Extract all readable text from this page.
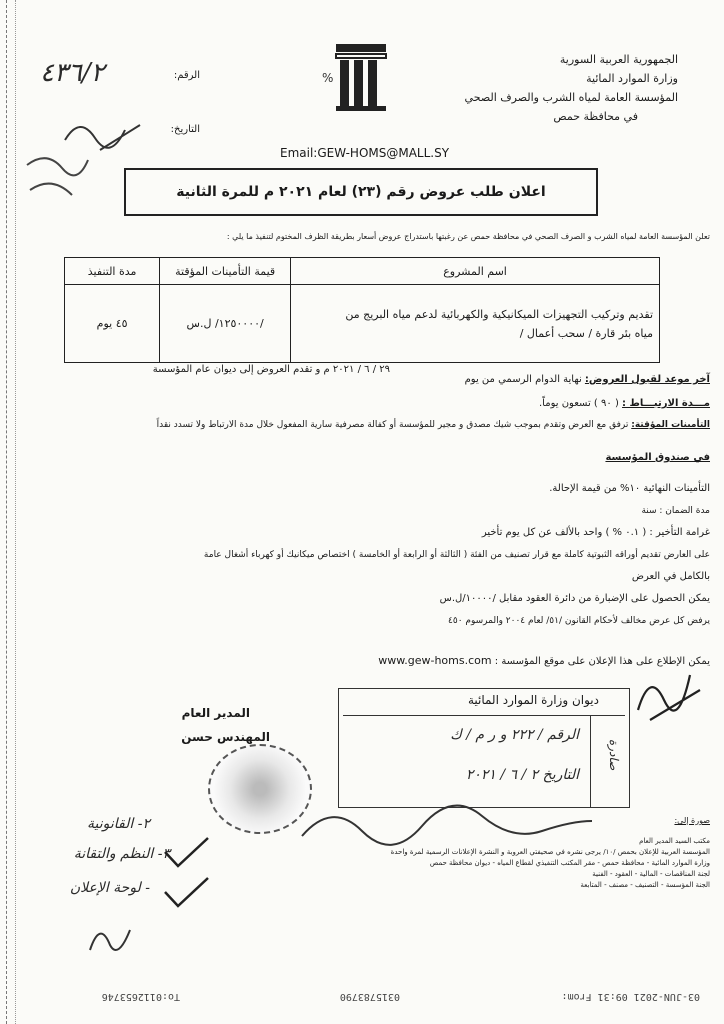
الجمهورية العربية السورية
وزارة الموارد المائية
المؤسسة العامة لمياه الشرب والصرف الصحي
في محافظة حمص
%
الرقم:
التاريخ:
٤٣٦/٢
Email:GEW-HOMS@MALL.SY
اعلان طلب عروض رقم (٢٣) لعام ٢٠٢١ م للمرة الثانية
تعلن المؤسسة العامة لمياه الشرب و الصرف الصحي في محافظة حمص عن رغبتها باستدراج عروض أسعار بطريقة الظرف المختوم لتنفيذ ما يلي :
اسم المشروع	قيمة التأمينات المؤقتة	مدة التنفيذ

تقديم وتركيب التجهيزات الميكانيكية والكهربائية لدعم مياه البريج من
مياه بئر قارة / سحب أعمال /	/١٢٥٠٠٠٠/ ل.س	٤٥ يوم
آخر موعد لقبول العروض: نهاية الدوام الرسمي من يوم
٢٩ / ٦ / ٢٠٢١ م و تقدم العروض إلى ديوان عام المؤسسة
مـــدة الارتبـــاط : ( ٩٠ ) تسعون يوماً.
التأمينات المؤقتة: ترفق مع العرض وتقدم بموجب شيك مصدق و مجير للمؤسسة أو كفالة مصرفية سارية المفعول خلال مدة الارتباط ولا تسدد نقداً
في صندوق المؤسسة
التأمينات النهائية ١٠% من قيمة الإحالة.
مدة الضمان : سنة
غرامة التأخير : ( ٠.١ % ) واحد بالألف عن كل يوم تأخير
على العارض تقديم أوراقه الثبوتية كاملة مع قرار تصنيف من الفئة ( الثالثة أو الرابعة أو الخامسة ) اختصاص ميكانيك أو كهرباء أشغال عامة
بالكامل في العرض
يمكن الحصول على الإضبارة من دائرة العقود مقابل /١٠٠٠٠/ل.س
يرفض كل عرض مخالف لأحكام القانون /٥١/ لعام ٢٠٠٤ والمرسوم ٤٥٠
يمكن الإطلاع على هذا الإعلان على موقع المؤسسة : www.gew-homs.com
المدير العام
المهندس حسن
ديوان وزارة الموارد المائية
الرقم / ٢٢٢ و ر م / ك
التاريخ ٢ / ٦ / ٢٠٢١
صادرة
صورة إلى:
مكتب السيد المدير العام
المؤسسة العربية للإعلان بحمص /١٠/ يرجى نشره في صحيفتي العروبة و النشرة الإعلانات الرسمية لمرة واحدة
وزارة الموارد المائية - محافظة حمص - مقر المكتب التنفيذي لقطاع المياه - ديوان محافظة حمص
لجنة المناقصات - المالية - العقود - الفنية
الجنة المؤسسة - التصنيف - مصنف - المتابعة
٢- القانونية
٣- النظم والتقانة
- لوحة الإعلان
03-JUN-2021 09:31 From:
0315783790
To:0112653746
